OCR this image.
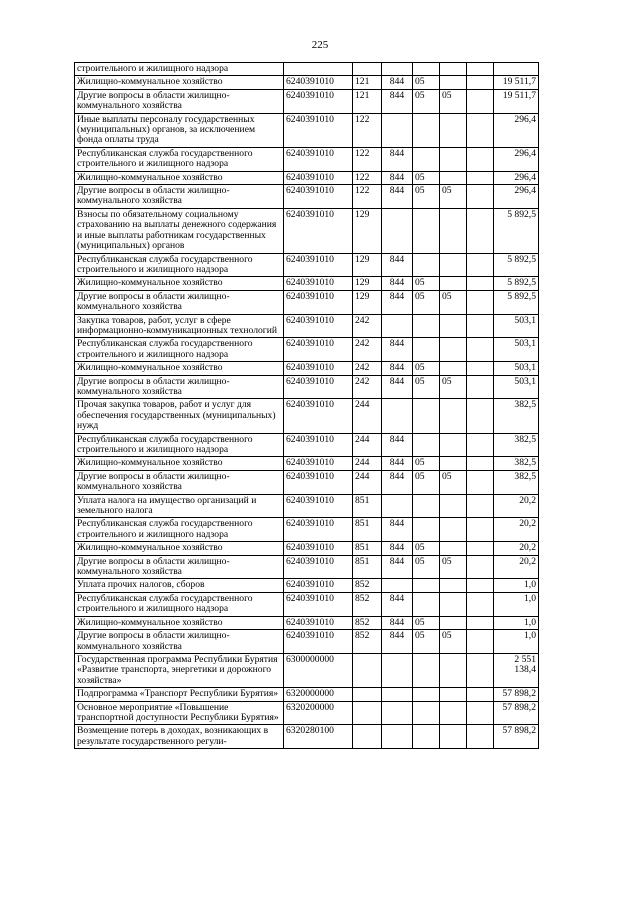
225
строительного и жилищного надзора							
Жилищно-коммунальное хозяйство	6240391010	121	844	05			19 511,7
Другие вопросы в области жилищно-коммунального хозяйства	6240391010	121	844	05	05		19 511,7
Иные выплаты персоналу государственных (муниципальных) органов, за исключением фонда оплаты труда	6240391010	122					296,4
Республиканская служба государственного строительного и жилищного надзора	6240391010	122	844				296,4
Жилищно-коммунальное хозяйство	6240391010	122	844	05			296,4
Другие вопросы в области жилищно-коммунального хозяйства	6240391010	122	844	05	05		296,4
Взносы по обязательному социальному страхованию на выплаты денежного содержания и иные выплаты работникам государственных (муниципальных) органов	6240391010	129					5 892,5
Республиканская служба государственного строительного и жилищного надзора	6240391010	129	844				5 892,5
Жилищно-коммунальное хозяйство	6240391010	129	844	05			5 892,5
Другие вопросы в области жилищно-коммунального хозяйства	6240391010	129	844	05	05		5 892,5
Закупка товаров, работ, услуг в сфере информационно-коммуникационных технологий	6240391010	242					503,1
Республиканская служба государственного строительного и жилищного надзора	6240391010	242	844				503,1
Жилищно-коммунальное хозяйство	6240391010	242	844	05			503,1
Другие вопросы в области жилищно-коммунального хозяйства	6240391010	242	844	05	05		503,1
Прочая закупка товаров, работ и услуг для обеспечения государственных (муниципальных) нужд	6240391010	244					382,5
Республиканская служба государственного строительного и жилищного надзора	6240391010	244	844				382,5
Жилищно-коммунальное хозяйство	6240391010	244	844	05			382,5
Другие вопросы в области жилищно-коммунального хозяйства	6240391010	244	844	05	05		382,5
Уплата налога на имущество организаций и земельного налога	6240391010	851					20,2
Республиканская служба государственного строительного и жилищного надзора	6240391010	851	844				20,2
Жилищно-коммунальное хозяйство	6240391010	851	844	05			20,2
Другие вопросы в области жилищно-коммунального хозяйства	6240391010	851	844	05	05		20,2
Уплата прочих налогов, сборов	6240391010	852					1,0
Республиканская служба государственного строительного и жилищного надзора	6240391010	852	844				1,0
Жилищно-коммунальное хозяйство	6240391010	852	844	05			1,0
Другие вопросы в области жилищно-коммунального хозяйства	6240391010	852	844	05	05		1,0
Государственная программа Республики Бурятия «Развитие транспорта, энергетики и дорожного хозяйства»	6300000000						2 551 138,4
Подпрограмма «Транспорт Республики Бурятия»	6320000000						57 898,2
Основное мероприятие «Повышение транспортной доступности Республики Бурятия»	6320200000						57 898,2
Возмещение потерь в доходах, возникающих в результате государственного регули-	6320280100						57 898,2
